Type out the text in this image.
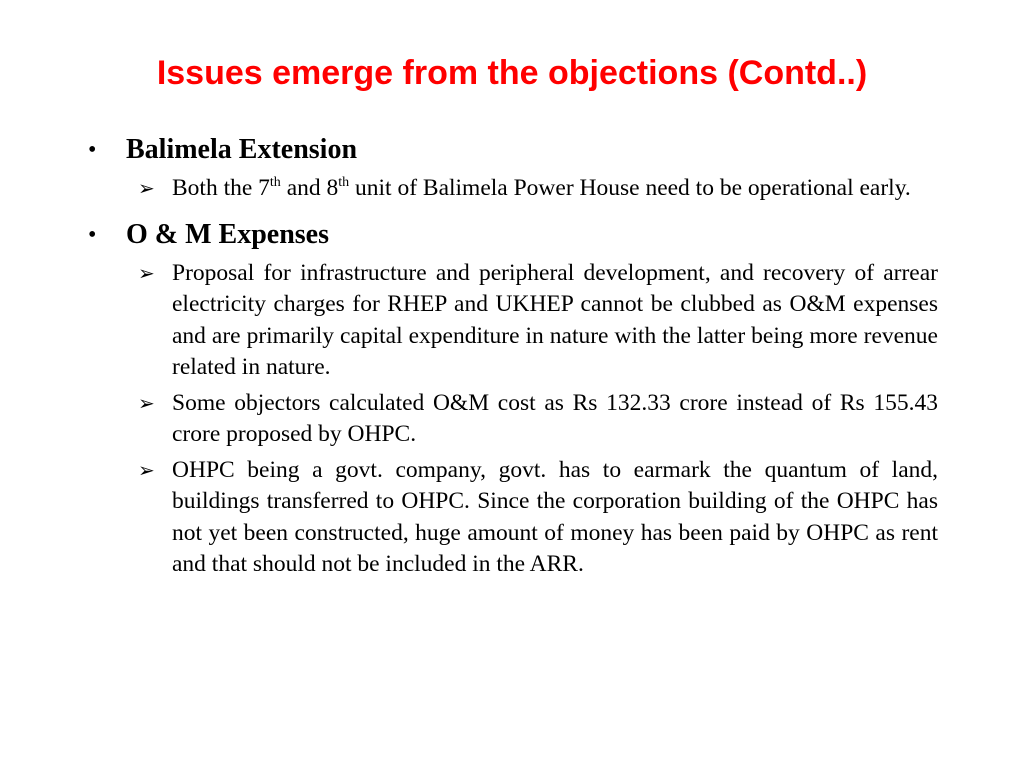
Issues emerge from the objections (Contd..)
• Balimela Extension
➢ Both the 7th and 8th unit of Balimela Power House need to be operational early.
• O & M Expenses
➢ Proposal for infrastructure and peripheral development, and recovery of arrear electricity charges for RHEP and UKHEP cannot be clubbed as O&M expenses and are primarily capital expenditure in nature with the latter being more revenue related in nature.
➢ Some objectors calculated O&M cost as Rs 132.33 crore instead of Rs 155.43 crore proposed by OHPC.
➢ OHPC being a govt. company, govt. has to earmark the quantum of land, buildings transferred to OHPC. Since the corporation building of the OHPC has not yet been constructed, huge amount of money has been paid by OHPC as rent and that should not be included in the ARR.
